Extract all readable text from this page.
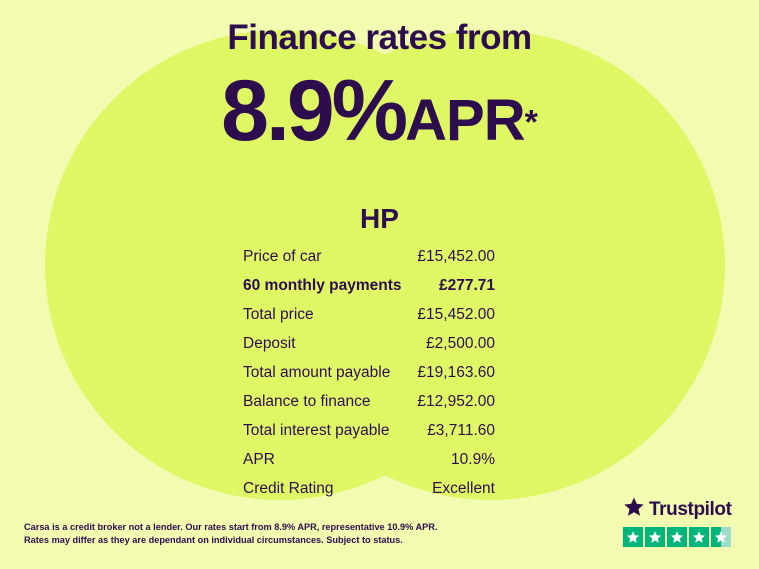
Finance rates from
8.9%APR*
HP
Price of car	£15,452.00
60 monthly payments £277.71
Total price	£15,452.00
Deposit	£2,500.00
Total amount payable £19,163.60
Balance to finance	£12,952.00
Total interest payable £3,711.60
APR	10.9%
Credit Rating	Excellent
Carsa is a credit broker not a lender. Our rates start from 8.9% APR, representative 10.9% APR.
Rates may differ as they are dependant on individual circumstances. Subject to status.
Trustpilot
